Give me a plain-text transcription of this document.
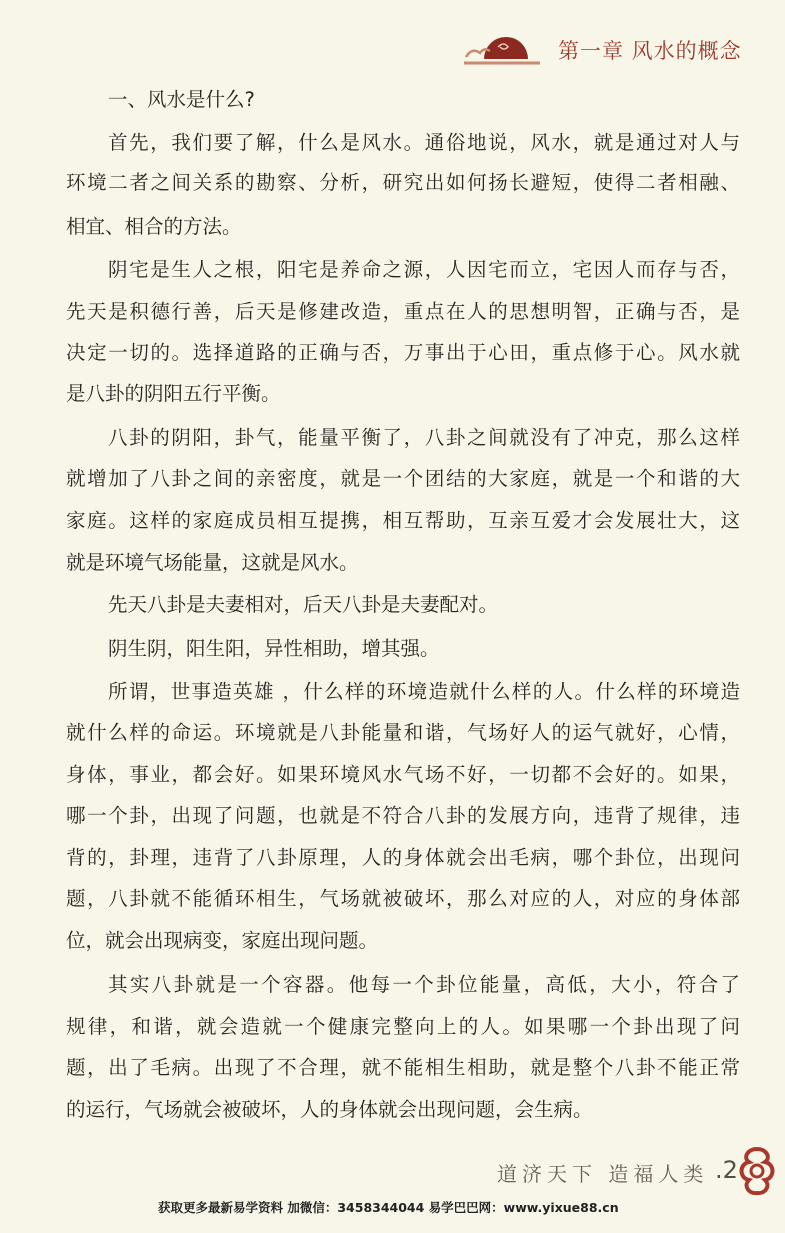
第一章 风水的概念
一、风水是什么?
首先，我们要了解，什么是风水。通俗地说，风水，就是通过对人与
环境二者之间关系的勘察、分析，研究出如何扬长避短，使得二者相融、
相宜、相合的方法。
阴宅是生人之根，阳宅是养命之源，人因宅而立，宅因人而存与否，
先天是积德行善，后天是修建改造，重点在人的思想明智，正确与否，是
决定一切的。选择道路的正确与否，万事出于心田，重点修于心。风水就
是八卦的阴阳五行平衡。
八卦的阴阳，卦气，能量平衡了，八卦之间就没有了冲克，那么这样
就增加了八卦之间的亲密度，就是一个团结的大家庭，就是一个和谐的大
家庭。这样的家庭成员相互提携，相互帮助，互亲互爱才会发展壮大，这
就是环境气场能量，这就是风水。
先天八卦是夫妻相对，后天八卦是夫妻配对。
阴生阴，阳生阳，异性相助，增其强。
所谓，世事造英雄 ，什么样的环境造就什么样的人。什么样的环境造
就什么样的命运。环境就是八卦能量和谐，气场好人的运气就好，心情，
身体，事业，都会好。如果环境风水气场不好，一切都不会好的。如果，
哪一个卦，出现了问题，也就是不符合八卦的发展方向，违背了规律，违
背的，卦理，违背了八卦原理，人的身体就会出毛病，哪个卦位，出现问
题，八卦就不能循环相生，气场就被破坏，那么对应的人，对应的身体部
位，就会出现病变，家庭出现问题。
其实八卦就是一个容器。他每一个卦位能量，高低，大小，符合了
规律，和谐，就会造就一个健康完整向上的人。如果哪一个卦出现了问
题，出了毛病。出现了不合理，就不能相生相助，就是整个八卦不能正常
的运行，气场就会被破坏，人的身体就会出现问题，会生病。
道济天下 造福人类 .2
获取更多最新易学资料 加微信：3458344044 易学巴巴网：www.yixue88.cn
